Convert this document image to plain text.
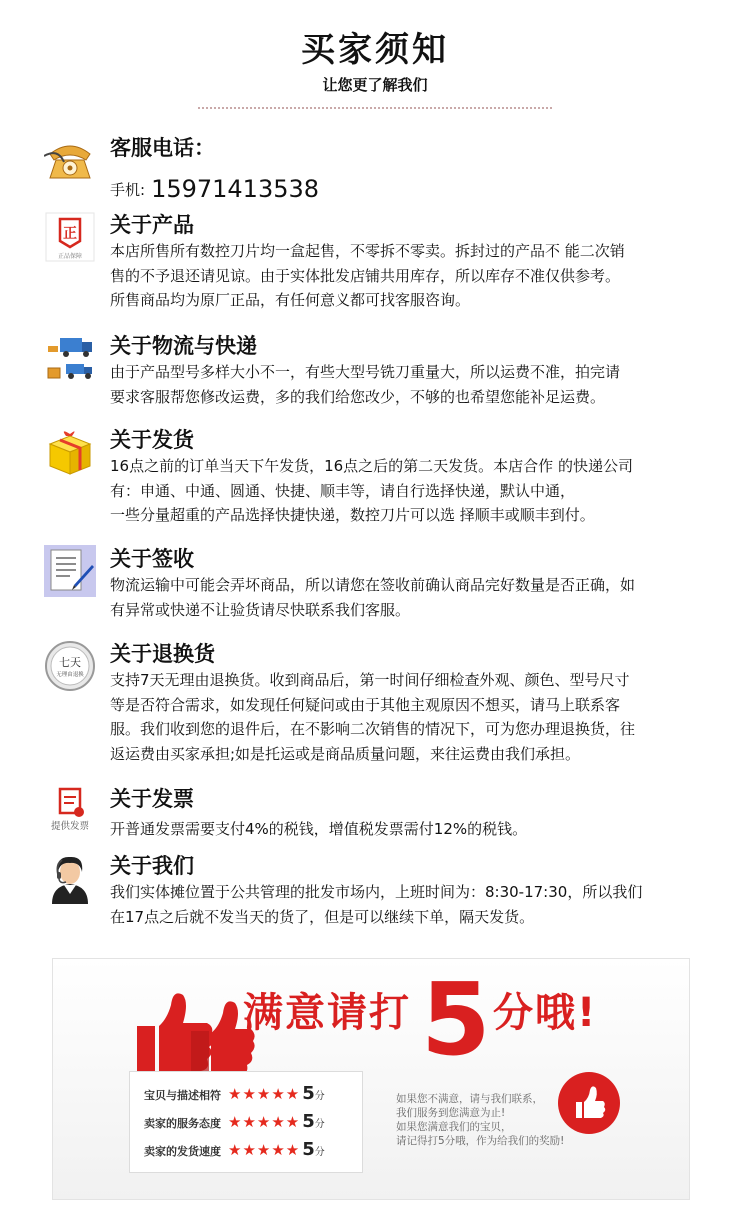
买家须知
让您更了解我们
客服电话：
手机: 15971413538
正
正品保障
关于产品

本店所售所有数控刀片均一盒起售，不零拆不零卖。拆封过的产品不 能二次销

售的不予退还请见谅。由于实体批发店铺共用库存，所以库存不准仅供参考。

所售商品均为原厂正品，有任何意义都可找客服咨询。

关于物流与快递

由于产品型号多样大小不一，有些大型号铣刀重量大，所以运费不准，拍完请

要求客服帮您修改运费，多的我们给您改少，不够的也希望您能补足运费。

关于发货

16点之前的订单当天下午发货，16点之后的第二天发货。本店合作 的快递公司

有：申通、中通、圆通、快捷、顺丰等，请自行选择快递，默认中通，

一些分量超重的产品选择快捷快递，数控刀片可以选 择顺丰或顺丰到付。

关于签收

物流运输中可能会弄坏商品，所以请您在签收前确认商品完好数量是否正确，如

有异常或快递不让验货请尽快联系我们客服。

七天
无理由退换
关于退换货

支持7天无理由退换货。收到商品后，第一时间仔细检查外观、颜色、型号尺寸

等是否符合需求，如发现任何疑问或由于其他主观原因不想买，请马上联系客

服。我们收到您的退件后，在不影响二次销售的情况下，可为您办理退换货，往

返运费由买家承担;如是托运或是商品质量问题，来往运费由我们承担。

提供发票
关于发票

开普通发票需要支付4%的税钱，增值税发票需付12%的税钱。

关于我们

我们实体摊位置于公共管理的批发市场内，上班时间为：8:30-17:30，所以我们

在17点之后就不发当天的货了，但是可以继续下单，隔天发货。

满意请打 5 分哦!
宝贝与描述相符 ★★★★★ 5分
卖家的服务态度 ★★★★★ 5分
卖家的发货速度 ★★★★★ 5分
如果您不满意，请与我们联系，
我们服务到您满意为止!
如果您满意我们的宝贝，
请记得打5分哦，作为给我们的奖励!
